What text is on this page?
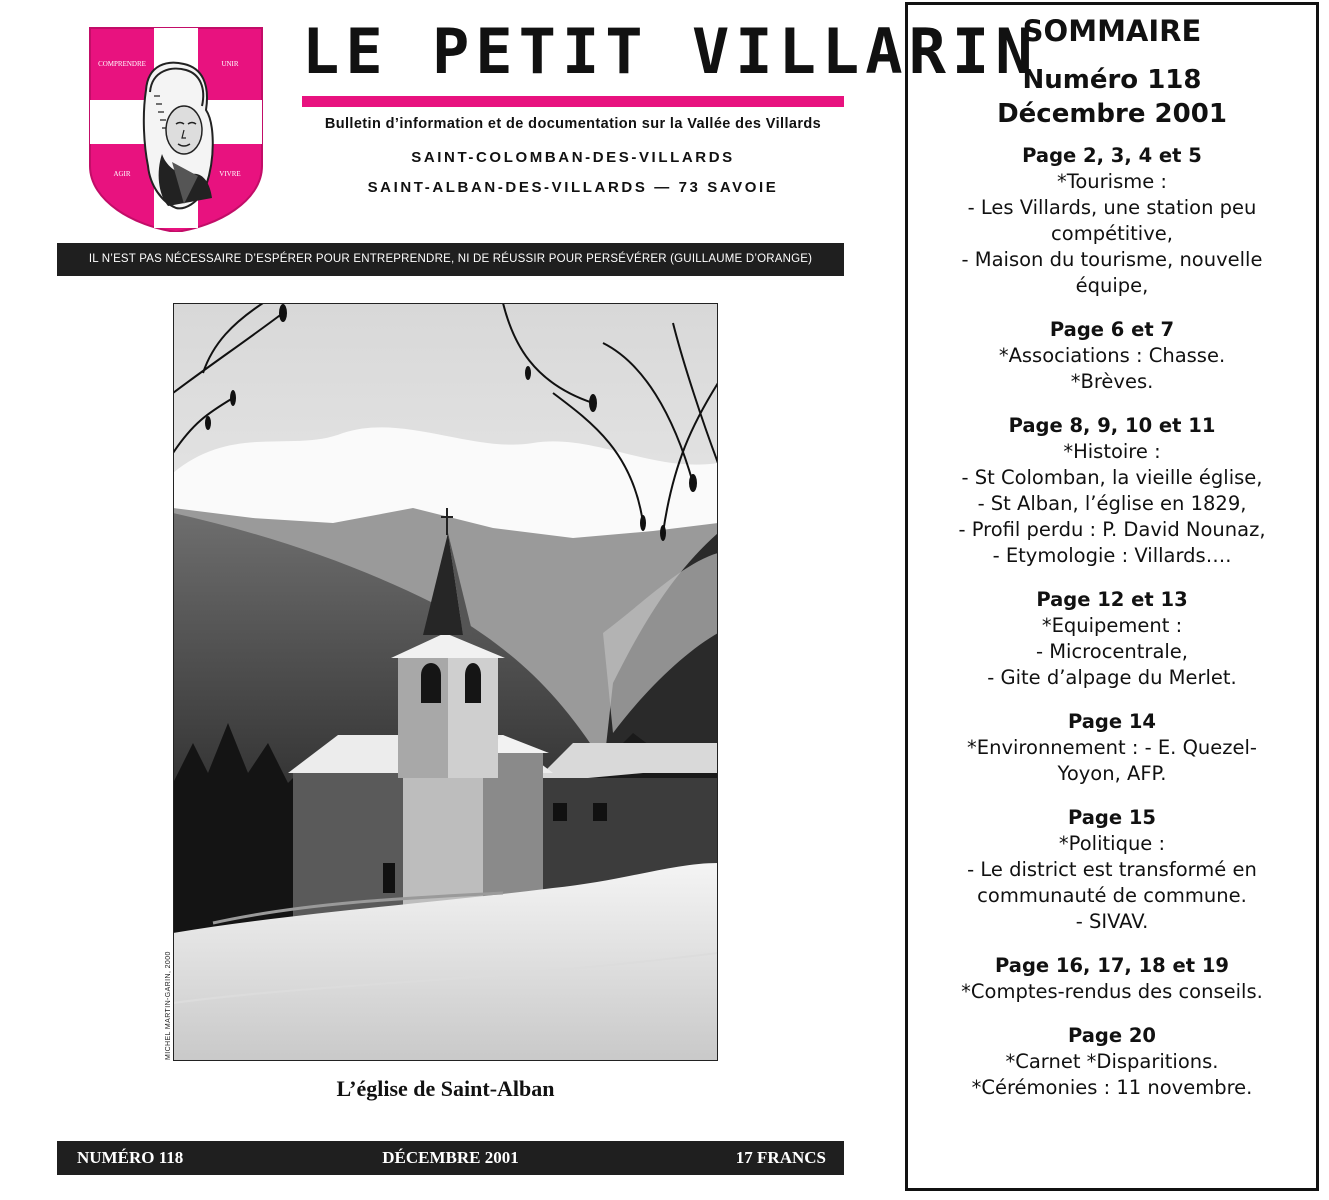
COMPRENDRE	UNIR
AGIR	VIVRE
LE PETIT VILLARIN
Bulletin d’information et de documentation sur la Vallée des Villards
SAINT-COLOMBAN-DES-VILLARDS
SAINT-ALBAN-DES-VILLARDS — 73 SAVOIE
IL N’EST PAS NÉCESSAIRE D’ESPÉRER POUR ENTREPRENDRE, NI DE RÉUSSIR POUR PERSÉVÉRER (GUILLAUME D’ORANGE)
MICHEL MARTIN-GARIN, 2000
L’église de Saint-Alban
DÉCEMBRE 2001
NUMÉRO 118	17 FRANCS
SOMMAIRE
Numéro 118
Décembre 2001
Page 2, 3, 4 et 5
*Tourisme :
- Les Villards, une station peu
compétitive,
- Maison du tourisme, nouvelle
équipe,
Page 6 et 7
*Associations : Chasse.
*Brèves.
Page 8, 9, 10 et 11
*Histoire :
- St Colomban, la vieille église,
- St Alban, l’église en 1829,
- Profil perdu : P. David Nounaz,
- Etymologie : Villards….
Page 12 et 13
*Equipement :
- Microcentrale,
- Gite d’alpage du Merlet.
Page 14
*Environnement : - E. Quezel-
Yoyon, AFP.
Page 15
*Politique :
- Le district est transformé en
communauté de commune.
- SIVAV.
Page 16, 17, 18 et 19
*Comptes-rendus des conseils.
Page 20
*Carnet *Disparitions.
*Cérémonies : 11 novembre.
